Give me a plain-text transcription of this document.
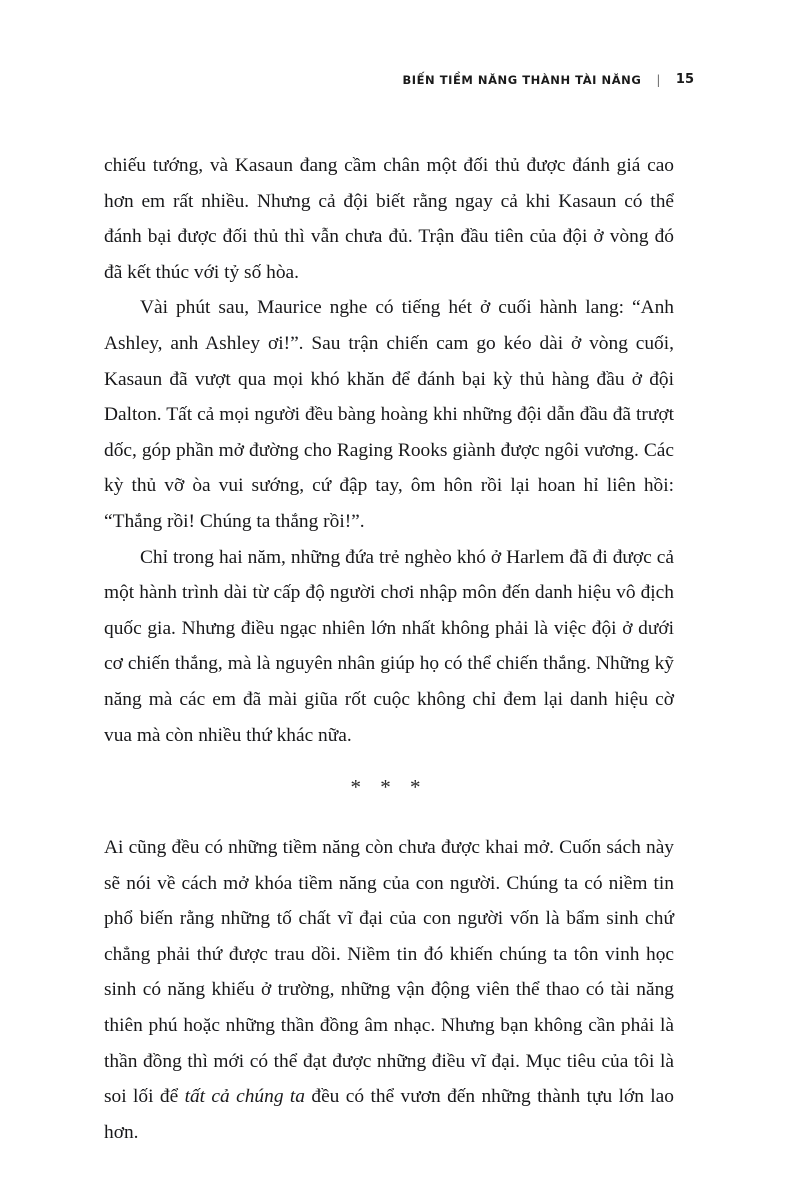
BIẾN TIỀM NĂNG THÀNH TÀI NĂNG | 15

chiếu tướng, và Kasaun đang cầm chân một đối thủ được đánh giá cao hơn em rất nhiều. Nhưng cả đội biết rằng ngay cả khi Kasaun có thể đánh bại được đối thủ thì vẫn chưa đủ. Trận đầu tiên của đội ở vòng đó đã kết thúc với tỷ số hòa.

Vài phút sau, Maurice nghe có tiếng hét ở cuối hành lang: “Anh Ashley, anh Ashley ơi!”. Sau trận chiến cam go kéo dài ở vòng cuối, Kasaun đã vượt qua mọi khó khăn để đánh bại kỳ thủ hàng đầu ở đội Dalton. Tất cả mọi người đều bàng hoàng khi những đội dẫn đầu đã trượt dốc, góp phần mở đường cho Raging Rooks giành được ngôi vương. Các kỳ thủ vỡ òa vui sướng, cứ đập tay, ôm hôn rồi lại hoan hỉ liên hồi: “Thắng rồi! Chúng ta thắng rồi!”.

Chỉ trong hai năm, những đứa trẻ nghèo khó ở Harlem đã đi được cả một hành trình dài từ cấp độ người chơi nhập môn đến danh hiệu vô địch quốc gia. Nhưng điều ngạc nhiên lớn nhất không phải là việc đội ở dưới cơ chiến thắng, mà là nguyên nhân giúp họ có thể chiến thắng. Những kỹ năng mà các em đã mài giũa rốt cuộc không chỉ đem lại danh hiệu cờ vua mà còn nhiều thứ khác nữa.

* * *

Ai cũng đều có những tiềm năng còn chưa được khai mở. Cuốn sách này sẽ nói về cách mở khóa tiềm năng của con người. Chúng ta có niềm tin phổ biến rằng những tố chất vĩ đại của con người vốn là bẩm sinh chứ chẳng phải thứ được trau dồi. Niềm tin đó khiến chúng ta tôn vinh học sinh có năng khiếu ở trường, những vận động viên thể thao có tài năng thiên phú hoặc những thần đồng âm nhạc. Nhưng bạn không cần phải là thần đồng thì mới có thể đạt được những điều vĩ đại. Mục tiêu của tôi là soi lối để tất cả chúng ta đều có thể vươn đến những thành tựu lớn lao hơn.
